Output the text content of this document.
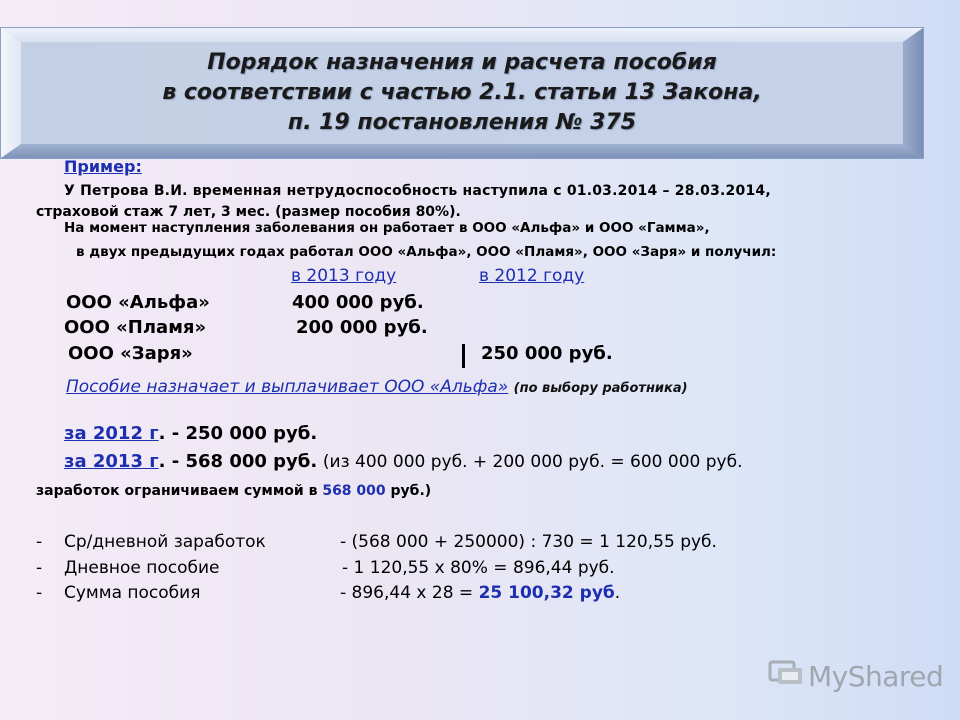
Порядок назначения и расчета пособия
в соответствии с частью 2.1. статьи 13 Закона,
п. 19 постановления № 375
Пример:
У Петрова В.И. временная нетрудоспособность наступила с 01.03.2014 – 28.03.2014,
страховой стаж 7 лет, 3 мес. (размер пособия 80%).
На момент наступления заболевания он работает в ООО «Альфа» и ООО «Гамма»,
в двух предыдущих годах работал ООО «Альфа», ООО «Пламя», ООО «Заря» и получил:
в 2013 году	в 2012 году
ООО «Альфа»	400 000 руб.
ООО «Пламя»	200 000 руб.
ООО «Заря»	250 000 руб.
Пособие назначает и выплачивает ООО «Альфа» (по выбору работника)
за 2012 г. - 250 000 руб.
за 2013 г. - 568 000 руб. (из 400 000 руб. + 200 000 руб. = 600 000 руб.
заработок ограничиваем суммой в 568 000 руб.)
- Ср/дневной заработок	- (568 000 + 250000) : 730 = 1 120,55 руб.
- Дневное пособие	- 1 120,55 х 80% = 896,44 руб.
- Сумма пособия	- 896,44 х 28 = 25 100,32 руб.
MyShared
